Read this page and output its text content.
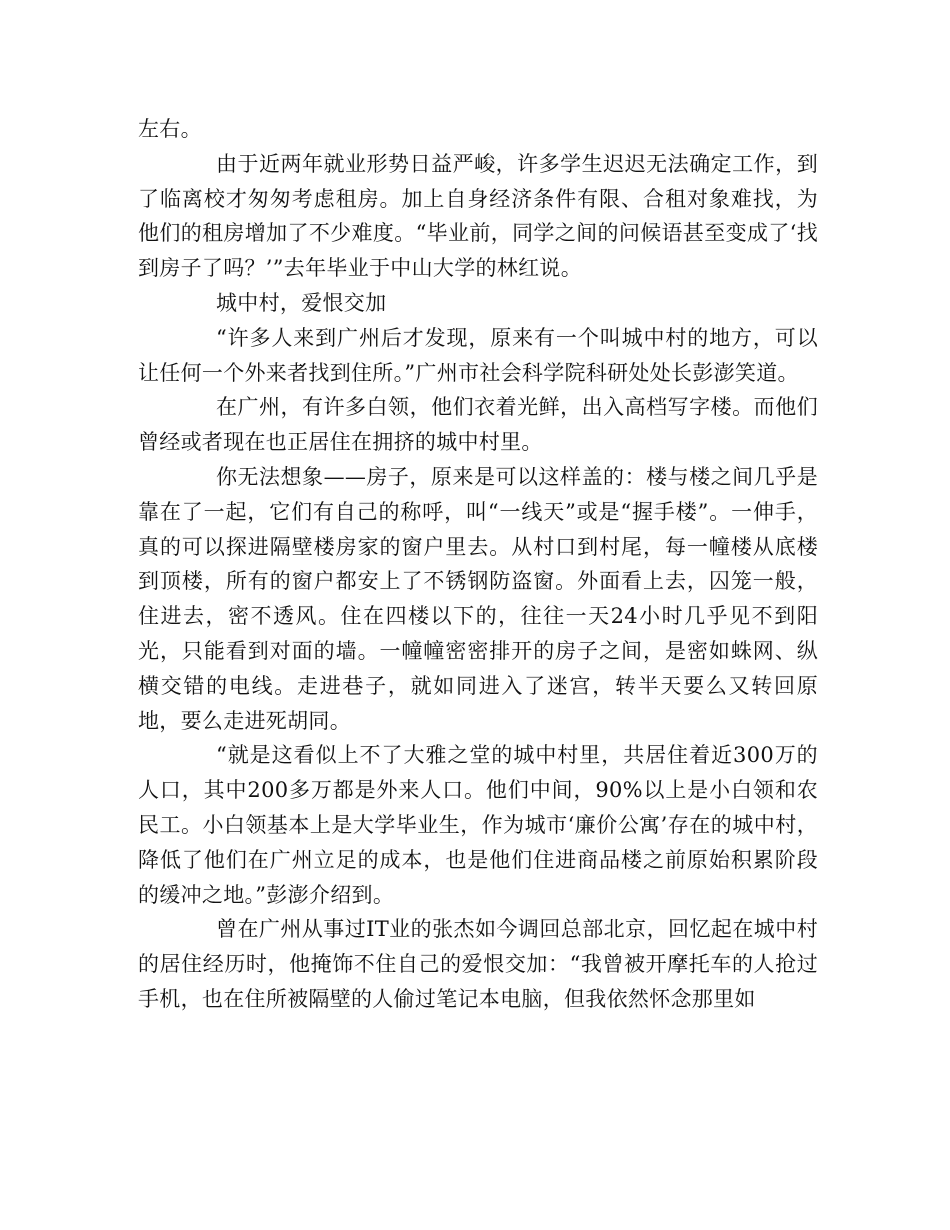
左右。

由于近两年就业形势日益严峻，许多学生迟迟无法确定工作，到了临离校才匆匆考虑租房。加上自身经济条件有限、合租对象难找，为他们的租房增加了不少难度。“毕业前，同学之间的问候语甚至变成了‘找到房子了吗？’”去年毕业于中山大学的林红说。

城中村，爱恨交加

“许多人来到广州后才发现，原来有一个叫城中村的地方，可以让任何一个外来者找到住所。”广州市社会科学院科研处处长彭澎笑道。

在广州，有许多白领，他们衣着光鲜，出入高档写字楼。而他们曾经或者现在也正居住在拥挤的城中村里。

你无法想象——房子，原来是可以这样盖的：楼与楼之间几乎是靠在了一起，它们有自己的称呼，叫“一线天”或是“握手楼”。一伸手，真的可以探进隔壁楼房家的窗户里去。从村口到村尾，每一幢楼从底楼到顶楼，所有的窗户都安上了不锈钢防盗窗。外面看上去，囚笼一般，住进去，密不透风。住在四楼以下的，往往一天24小时几乎见不到阳光，只能看到对面的墙。一幢幢密密排开的房子之间，是密如蛛网、纵横交错的电线。走进巷子，就如同进入了迷宫，转半天要么又转回原地，要么走进死胡同。

“就是这看似上不了大雅之堂的城中村里，共居住着近300万的人口，其中200多万都是外来人口。他们中间，90%以上是小白领和农民工。小白领基本上是大学毕业生，作为城市‘廉价公寓’存在的城中村，降低了他们在广州立足的成本，也是他们住进商品楼之前原始积累阶段的缓冲之地。”彭澎介绍到。

曾在广州从事过IT业的张杰如今调回总部北京，回忆起在城中村的居住经历时，他掩饰不住自己的爱恨交加：“我曾被开摩托车的人抢过手机，也在住所被隔壁的人偷过笔记本电脑，但我依然怀念那里如
